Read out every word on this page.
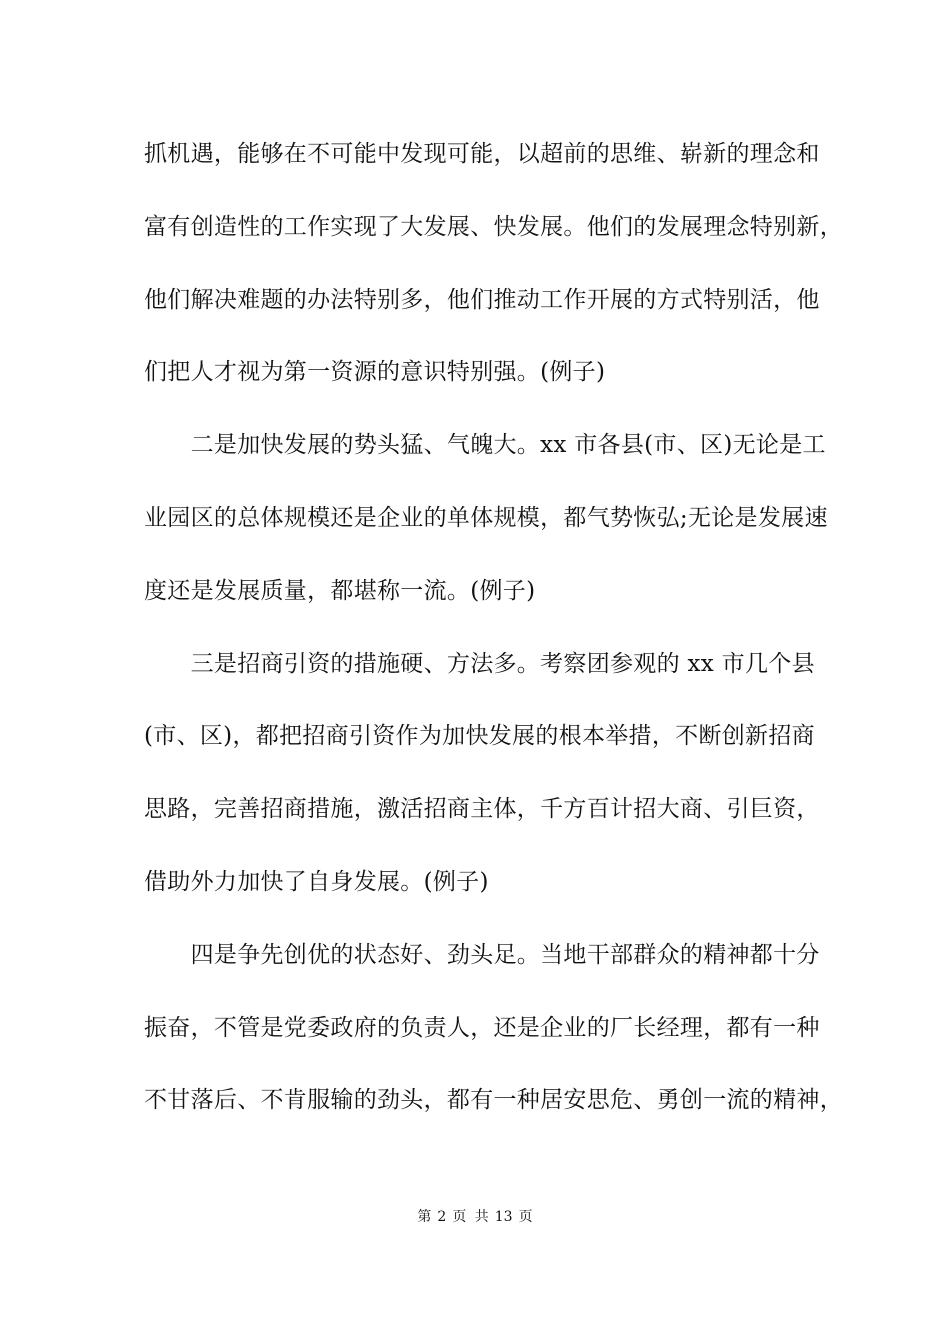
抓机遇，能够在不可能中发现可能，以超前的思维、崭新的理念和
富有创造性的工作实现了大发展、快发展。他们的发展理念特别新，
他们解决难题的办法特别多，他们推动工作开展的方式特别活，他
们把人才视为第一资源的意识特别强。(例子)
　　二是加快发展的势头猛、气魄大。xx 市各县(市、区)无论是工
业园区的总体规模还是企业的单体规模，都气势恢弘;无论是发展速
度还是发展质量，都堪称一流。(例子)
　　三是招商引资的措施硬、方法多。考察团参观的 xx 市几个县
(市、区)，都把招商引资作为加快发展的根本举措，不断创新招商
思路，完善招商措施，激活招商主体，千方百计招大商、引巨资，
借助外力加快了自身发展。(例子)
　　四是争先创优的状态好、劲头足。当地干部群众的精神都十分
振奋，不管是党委政府的负责人，还是企业的厂长经理，都有一种
不甘落后、不肯服输的劲头，都有一种居安思危、勇创一流的精神，
第 2 页 共 13 页
